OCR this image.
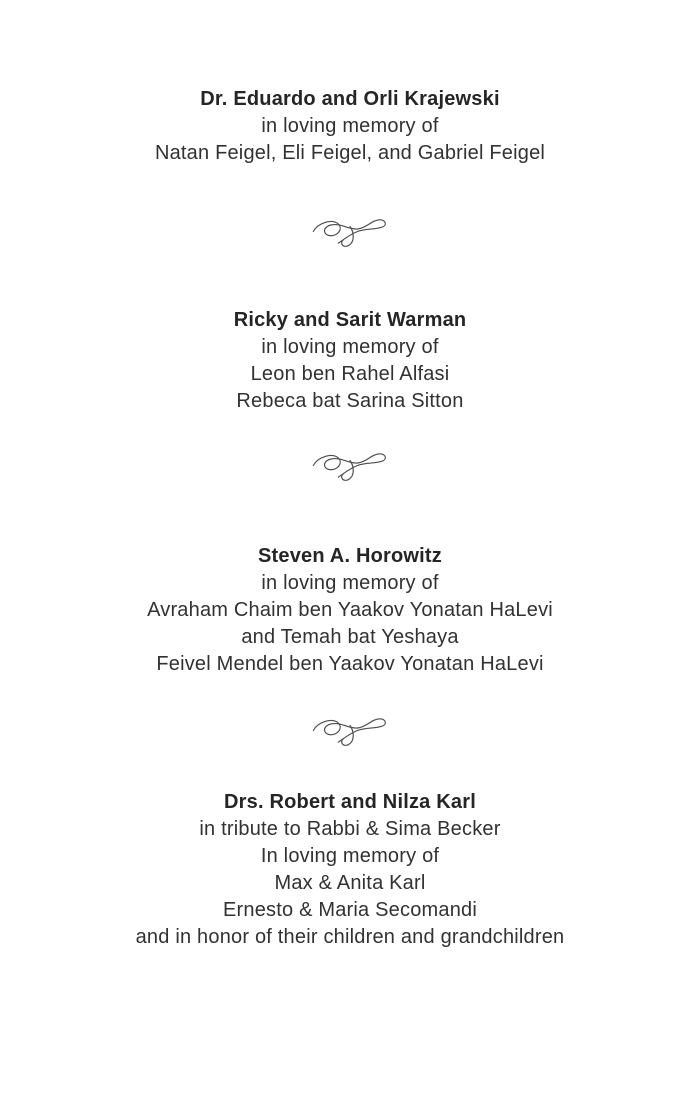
Dr. Eduardo and Orli Krajewski

in loving memory of

Natan Feigel, Eli Feigel, and Gabriel Feigel

Ricky and Sarit Warman

in loving memory of

Leon ben Rahel Alfasi

Rebeca bat Sarina Sitton

Steven A. Horowitz

in loving memory of

Avraham Chaim ben Yaakov Yonatan HaLevi

and Temah bat Yeshaya

Feivel Mendel ben Yaakov Yonatan HaLevi

Drs. Robert and Nilza Karl

in tribute to Rabbi & Sima Becker

In loving memory of

Max & Anita Karl

Ernesto & Maria Secomandi

and in honor of their children and grandchildren
